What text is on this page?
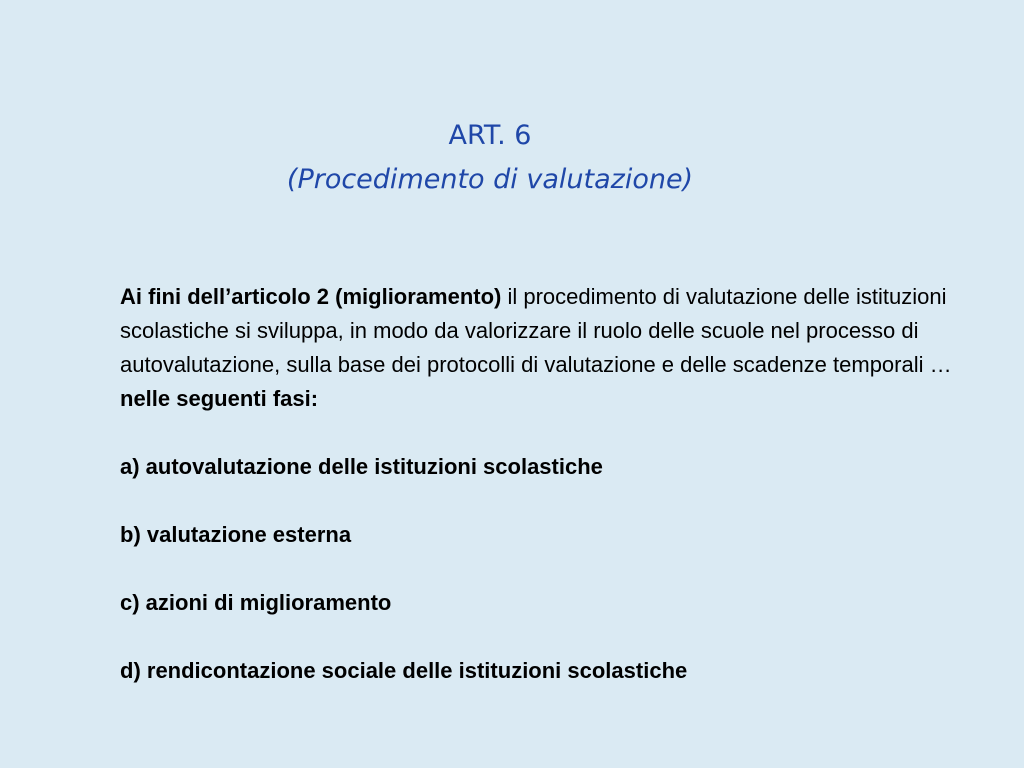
ART. 6
(Procedimento di valutazione)

Ai fini dell’articolo 2 (miglioramento) il procedimento di valutazione delle istituzioni scolastiche si sviluppa, in modo da valorizzare il ruolo delle scuole nel processo di autovalutazione, sulla base dei protocolli di valutazione e delle scadenze temporali … nelle seguenti fasi:

a) autovalutazione delle istituzioni scolastiche
b) valutazione esterna
c) azioni di miglioramento
d) rendicontazione sociale delle istituzioni scolastiche
